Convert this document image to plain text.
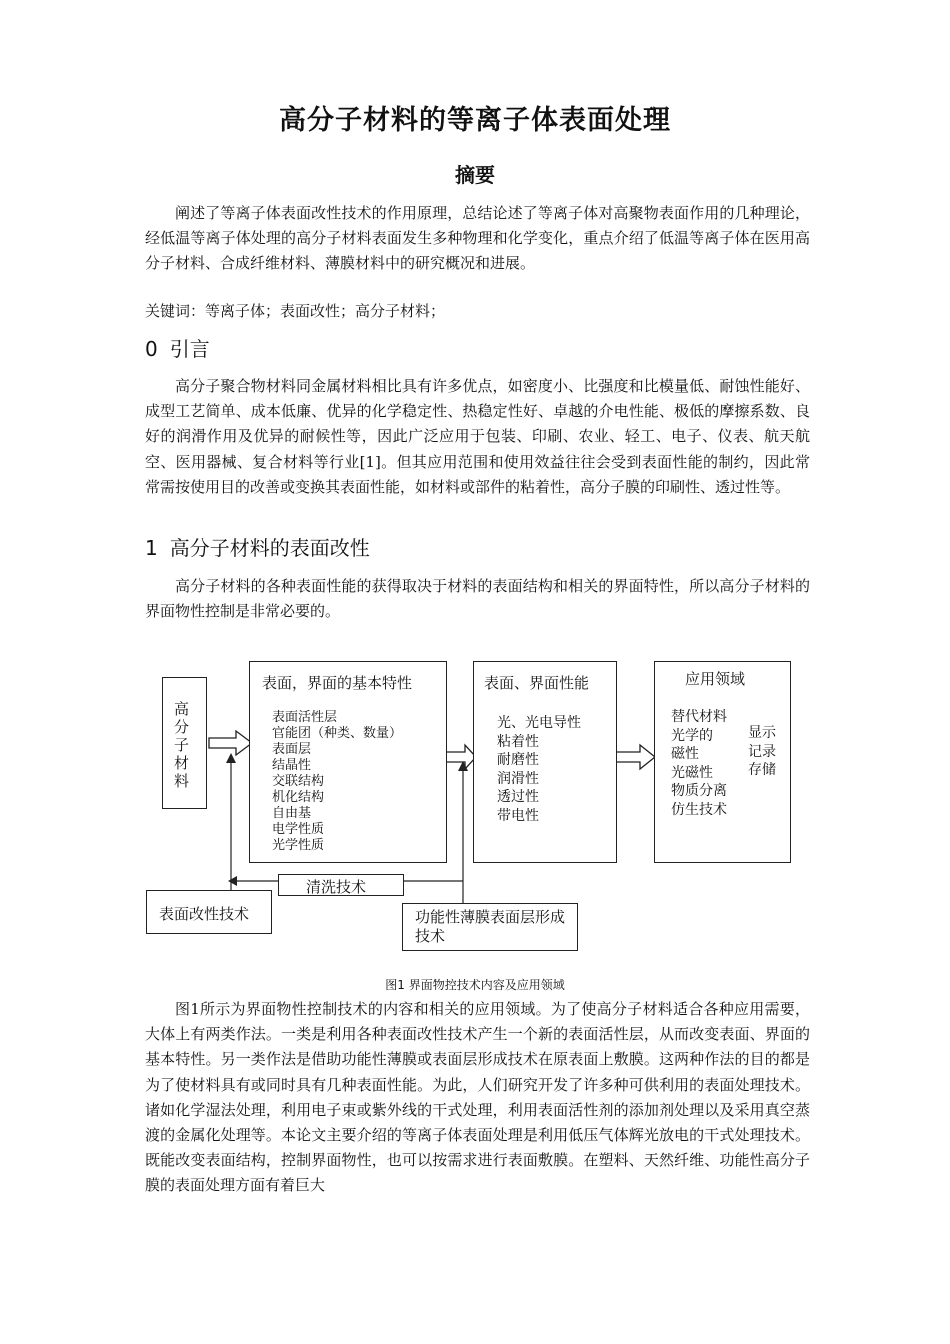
高分子材料的等离子体表面处理
摘要

阐述了等离子体表面改性技术的作用原理，总结论述了等离子体对高聚物表面作用的几种理论，经低温等离子体处理的高分子材料表面发生多种物理和化学变化，重点介绍了低温等离子体在医用高分子材料、合成纤维材料、薄膜材料中的研究概况和进展。

关键词：等离子体；表面改性；高分子材料；

0 引言

高分子聚合物材料同金属材料相比具有许多优点，如密度小、比强度和比模量低、耐蚀性能好、成型工艺简单、成本低廉、优异的化学稳定性、热稳定性好、卓越的介电性能、极低的摩擦系数、良好的润滑作用及优异的耐候性等，因此广泛应用于包装、印刷、农业、轻工、电子、仪表、航天航空、医用器械、复合材料等行业[1]。但其应用范围和使用效益往往会受到表面性能的制约，因此常常需按使用目的改善或变换其表面性能，如材料或部件的粘着性，高分子膜的印刷性、透过性等。

1 高分子材料的表面改性

高分子材料的各种表面性能的获得取决于材料的表面结构和相关的界面特性，所以高分子材料的界面物性控制是非常必要的。

高分子材料
表面，界面的基本特性
表面活性层
官能团（种类、数量）
表面层
结晶性
交联结构
机化结构
自由基
电学性质
光学性质
表面、界面性能
光、光电导性
粘着性
耐磨性
润滑性
透过性
带电性
应用领域
替代材料
光学的
磁性
光磁性
物质分离
仿生技术
显示
记录
存储
清洗技术
表面改性技术	功能性薄膜表面层形成技术

图1 界面物控技术内容及应用领域

图1所示为界面物性控制技术的内容和相关的应用领域。为了使高分子材料适合各种应用需要，大体上有两类作法。一类是利用各种表面改性技术产生一个新的表面活性层，从而改变表面、界面的基本特性。另一类作法是借助功能性薄膜或表面层形成技术在原表面上敷膜。这两种作法的目的都是为了使材料具有或同时具有几种表面性能。为此，人们研究开发了许多种可供利用的表面处理技术。诸如化学湿法处理，利用电子束或紫外线的干式处理，利用表面活性剂的添加剂处理以及采用真空蒸渡的金属化处理等。本论文主要介绍的等离子体表面处理是利用低压气体辉光放电的干式处理技术。既能改变表面结构，控制界面物性，也可以按需求进行表面敷膜。在塑料、天然纤维、功能性高分子膜的表面处理方面有着巨大
